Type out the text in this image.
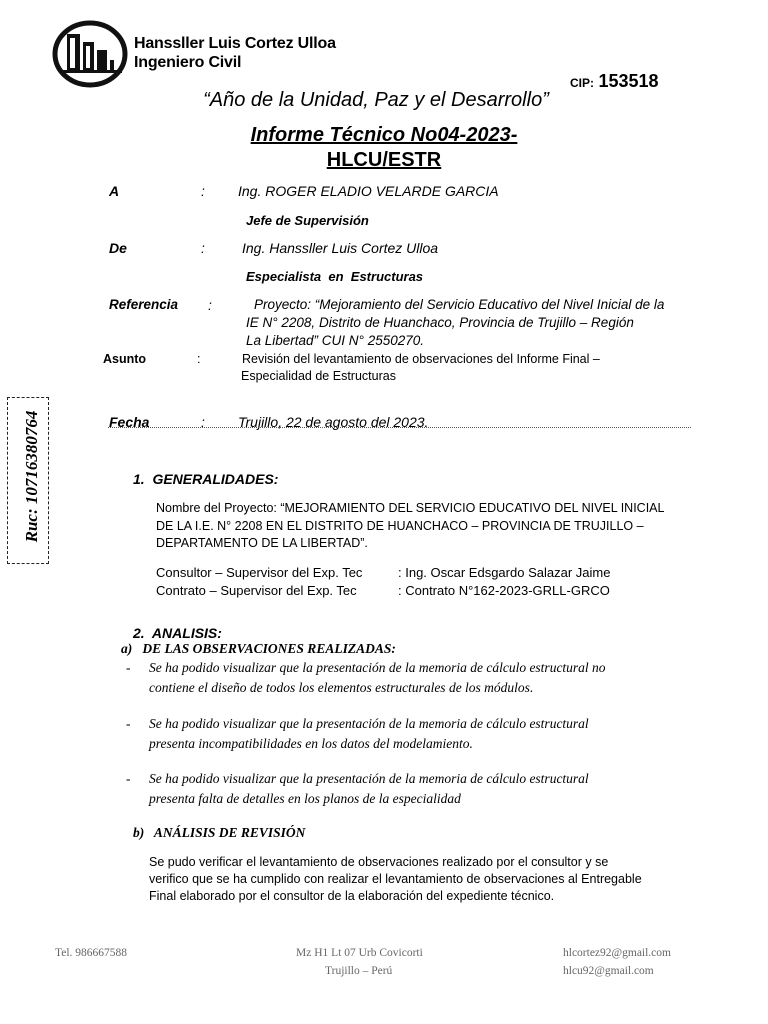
Hanssller Luis Cortez Ulloa
Ingeniero Civil
CIP: 153518
“Año de la Unidad, Paz y el Desarrollo”
Informe Técnico No04-2023-
HLCU/ESTR
A	: Ing. ROGER ELADIO VELARDE GARCIA
Jefe de Supervisión
De	:	Ing. Hanssller Luis Cortez Ulloa
Especialista  en  Estructuras
Referencia :	Proyecto: “Mejoramiento del Servicio Educativo del Nivel Inicial de la
IE N° 2208, Distrito de Huanchaco, Provincia de Trujillo – Región
La Libertad” CUI N° 2550270.
Asunto	:	Revisión del levantamiento de observaciones del Informe Final –
Especialidad de Estructuras
Fecha	: Trujillo, 22 de agosto del 2023.
Ruc: 10716380764	1.  GENERALIDADES:
Nombre del Proyecto: “MEJORAMIENTO DEL SERVICIO EDUCATIVO DEL NIVEL INICIAL
DE LA I.E. N° 2208 EN EL DISTRITO DE HUANCHACO – PROVINCIA DE TRUJILLO –
DEPARTAMENTO DE LA LIBERTAD”.
Consultor – Supervisor del Exp. Tec	: Ing. Oscar Edsgardo Salazar Jaime
Contrato – Supervisor del Exp. Tec	: Contrato N°162-2023-GRLL-GRCO
2.  ANALISIS:
a)   DE LAS OBSERVACIONES REALIZADAS:
- Se ha podido visualizar que la presentación de la memoria de cálculo estructural no
contiene el diseño de todos los elementos estructurales de los módulos.
- Se ha podido visualizar que la presentación de la memoria de cálculo estructural
presenta incompatibilidades en los datos del modelamiento.
- Se ha podido visualizar que la presentación de la memoria de cálculo estructural
presenta falta de detalles en los planos de la especialidad
b)   ANÁLISIS DE REVISIÓN
Se pudo verificar el levantamiento de observaciones realizado por el consultor y se
verifico que se ha cumplido con realizar el levantamiento de observaciones al Entregable
Final elaborado por el consultor de la elaboración del expediente técnico.
Tel. 986667588	Mz H1 Lt 07 Urb Covicorti
Trujillo – Perú
hlcortez92@gmail.com
hlcu92@gmail.com
